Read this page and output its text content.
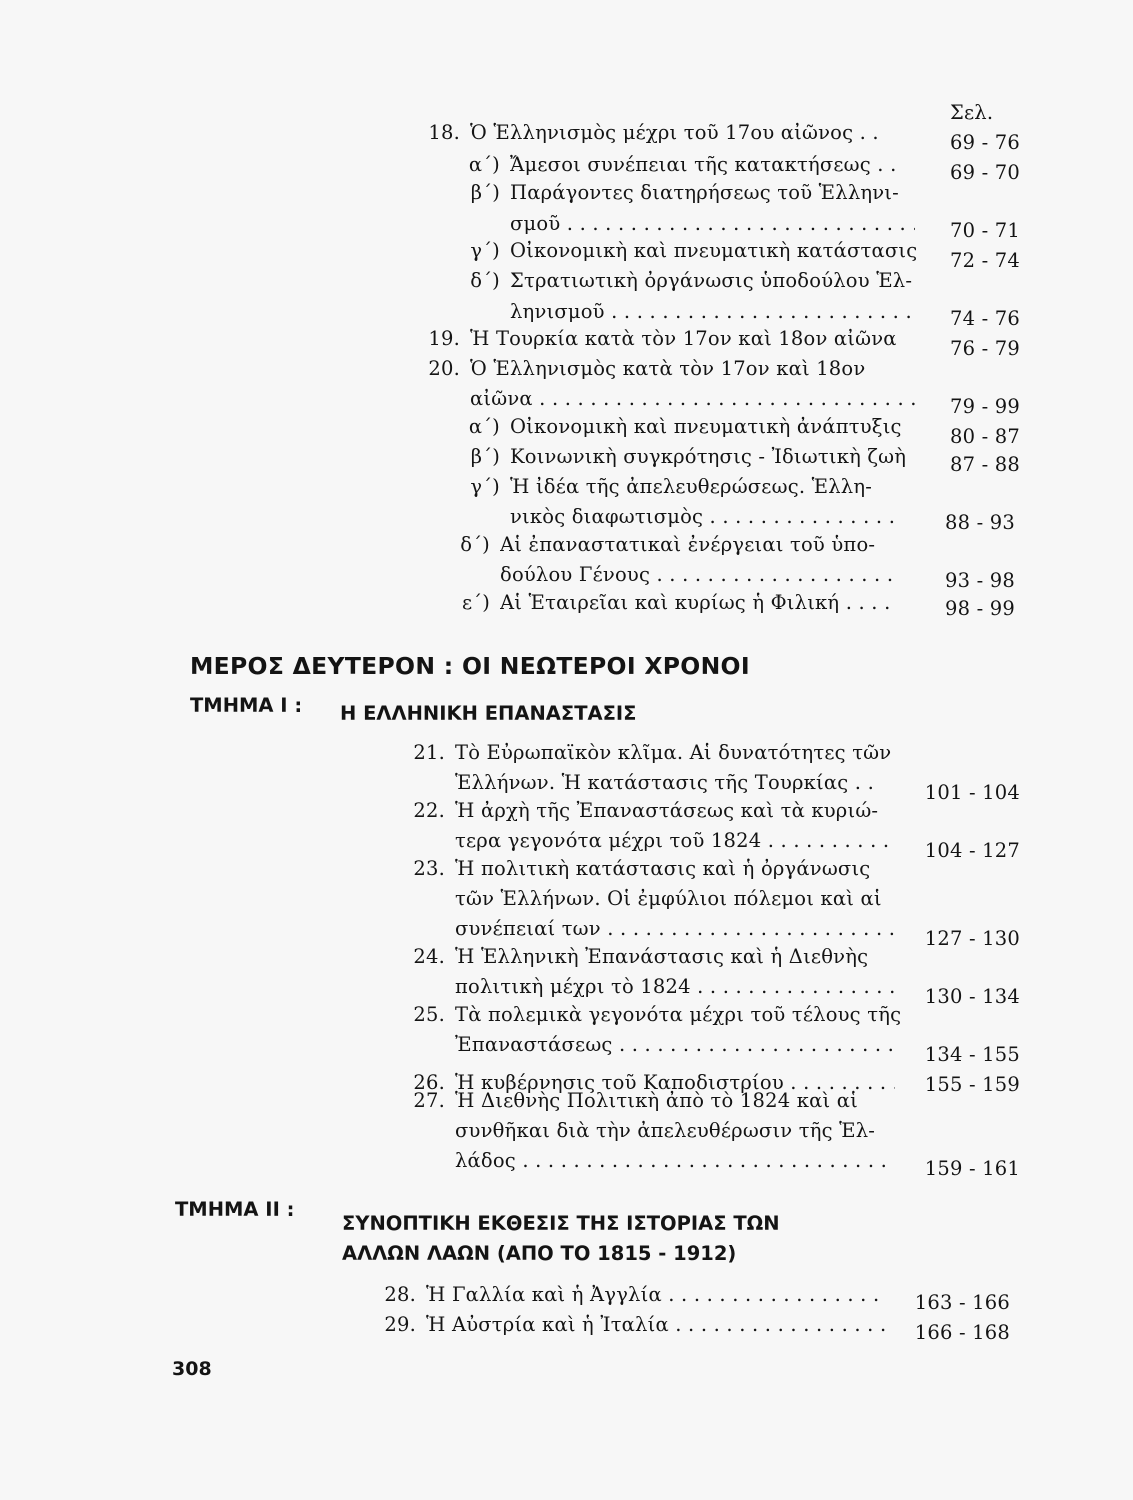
Σελ.
18. Ὁ Ἑλληνισμὸς μέχρι τοῦ 17ου αἰῶνος . .	69 - 76
α΄) Ἄμεσοι συνέπειαι τῆς κατακτήσεως . .	69 - 70
β΄) Παράγοντες διατηρήσεως τοῦ Ἑλληνι-
σμοῦ . . .	70 - 71
γ΄) Οἰκονομικὴ καὶ πνευματικὴ κατάστασις	72 - 74
δ΄) Στρατιωτικὴ ὀργάνωσις ὑποδούλου Ἑλ-
ληνισμοῦ . . .	74 - 76
19. Ἡ Τουρκία κατὰ τὸν 17ον καὶ 18ον αἰῶνα	76 - 79
20. Ὁ Ἑλληνισμὸς κατὰ τὸν 17ον καὶ 18ον
αἰῶνα . . .	79 - 99
α΄) Οἰκονομικὴ καὶ πνευματικὴ ἀνάπτυξις	80 - 87
β΄) Κοινωνικὴ συγκρότησις - Ἰδιωτικὴ ζωὴ	87 - 88
γ΄) Ἡ ἰδέα τῆς ἀπελευθερώσεως. Ἑλλη-
νικὸς διαφωτισμὸς . . .	88 - 93
δ΄) Αἱ ἐπαναστατικαὶ ἐνέργειαι τοῦ ὑπο-
δούλου Γένους . . .	93 - 98
ε΄) Αἱ Ἑταιρεῖαι καὶ κυρίως ἡ Φιλική . . . .	98 - 99
ΜΕΡΟΣ ΔΕΥΤΕΡΟΝ : ΟΙ ΝΕΩΤΕΡΟΙ ΧΡΟΝΟΙ
ΤΜΗΜΑ Ι : Η ΕΛΛΗΝΙΚΗ ΕΠΑΝΑΣΤΑΣΙΣ
21. Τὸ Εὐρωπαϊκὸν κλῖμα. Αἱ δυνατότητες τῶν
Ἑλλήνων. Ἡ κατάστασις τῆς Τουρκίας . .	101 - 104
22. Ἡ ἀρχὴ τῆς Ἐπαναστάσεως καὶ τὰ κυριώ-
τερα γεγονότα μέχρι τοῦ 1824 . . .	104 - 127
23. Ἡ πολιτικὴ κατάστασις καὶ ἡ ὀργάνωσις
τῶν Ἑλλήνων. Οἱ ἐμφύλιοι πόλεμοι καὶ αἱ
συνέπειαί των . . .	127 - 130
24. Ἡ Ἑλληνικὴ Ἐπανάστασις καὶ ἡ Διεθνὴς
πολιτικὴ μέχρι τὸ 1824 . . .	130 - 134
25. Τὰ πολεμικὰ γεγονότα μέχρι τοῦ τέλους τῆς
Ἐπαναστάσεως . . .	134 - 155
26. Ἡ κυβέρνησις τοῦ Καποδιστρίου . . .	155 - 159
27. Ἡ Διεθνὴς Πολιτικὴ ἀπὸ τὸ 1824 καὶ αἱ
συνθῆκαι διὰ τὴν ἀπελευθέρωσιν τῆς Ἑλ-
λάδος . . .	159 - 161
ΤΜΗΜΑ ΙΙ :
ΣΥΝΟΠΤΙΚΗ ΕΚΘΕΣΙΣ ΤΗΣ ΙΣΤΟΡΙΑΣ ΤΩΝ
ΑΛΛΩΝ ΛΑΩΝ (ΑΠΟ ΤΟ 1815 - 1912)
28. Ἡ Γαλλία καὶ ἡ Ἀγγλία . . .	163 - 166
29. Ἡ Αὐστρία καὶ ἡ Ἰταλία . . .	166 - 168
308
